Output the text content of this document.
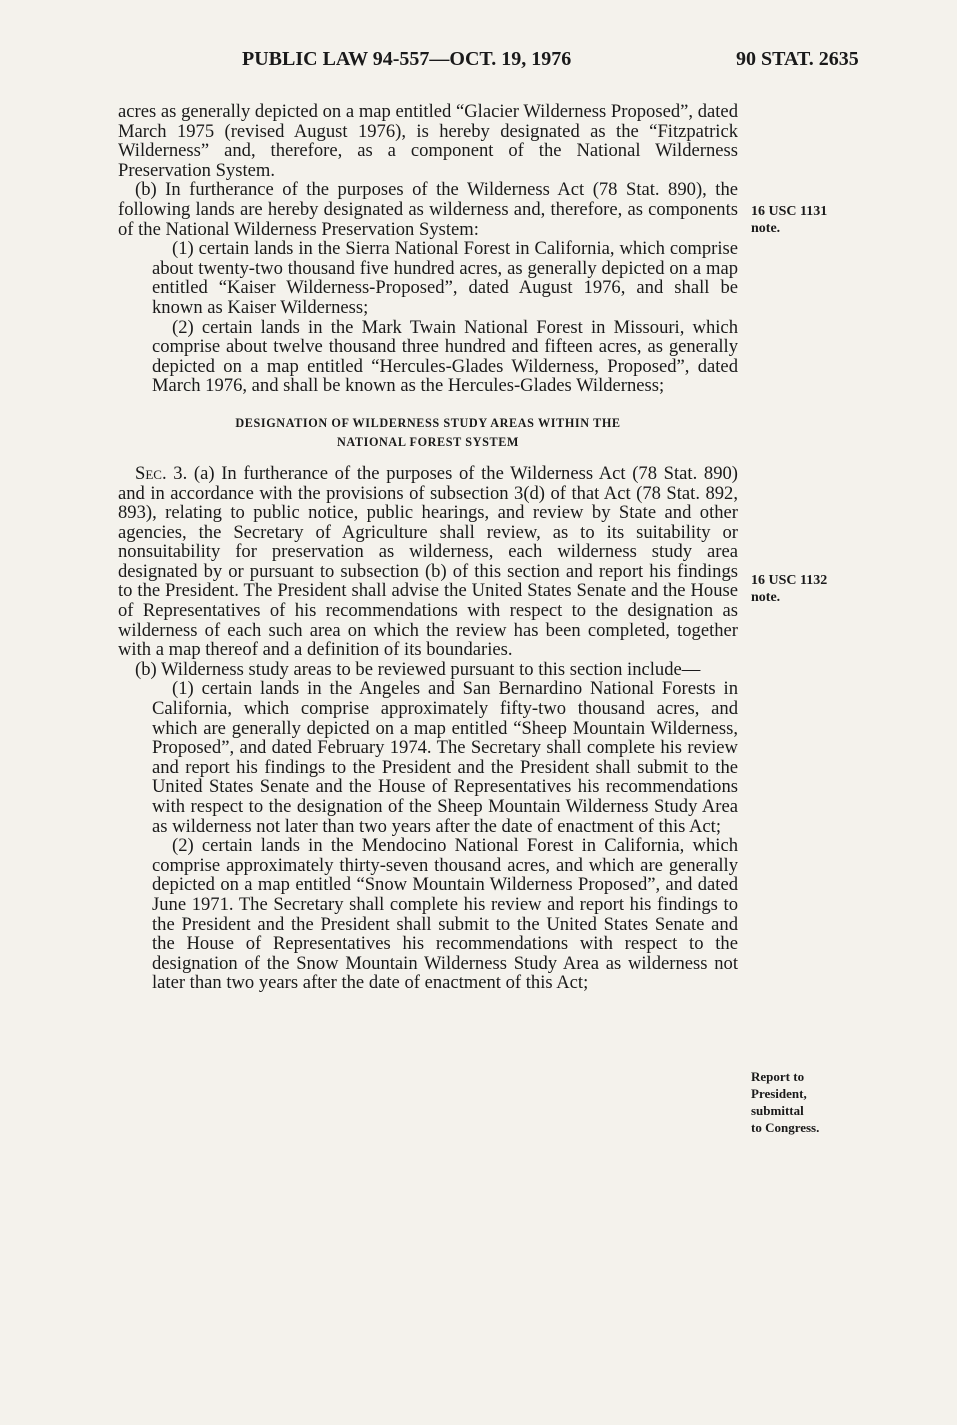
PUBLIC LAW 94-557—OCT. 19, 1976	90 STAT. 2635

acres as generally depicted on a map entitled “Glacier Wilderness Proposed”, dated March 1975 (revised August 1976), is hereby designated as the “Fitzpatrick Wilderness” and, therefore, as a component of the National Wilderness Preservation System.

(b) In furtherance of the purposes of the Wilderness Act (78 Stat. 890), the following lands are hereby designated as wilderness and, therefore, as components of the National Wilderness Preservation System:

(1) certain lands in the Sierra National Forest in California, which comprise about twenty-two thousand five hundred acres, as generally depicted on a map entitled “Kaiser Wilderness-Proposed”, dated August 1976, and shall be known as Kaiser Wilderness;

(2) certain lands in the Mark Twain National Forest in Missouri, which comprise about twelve thousand three hundred and fifteen acres, as generally depicted on a map entitled “Hercules-Glades Wilderness, Proposed”, dated March 1976, and shall be known as the Hercules-Glades Wilderness;

DESIGNATION OF WILDERNESS STUDY AREAS WITHIN THE
NATIONAL FOREST SYSTEM

Sec. 3. (a) In furtherance of the purposes of the Wilderness Act (78 Stat. 890) and in accordance with the provisions of subsection 3(d) of that Act (78 Stat. 892, 893), relating to public notice, public hearings, and review by State and other agencies, the Secretary of Agriculture shall review, as to its suitability or nonsuitability for preservation as wilderness, each wilderness study area designated by or pursuant to subsection (b) of this section and report his findings to the President. The President shall advise the United States Senate and the House of Representatives of his recommendations with respect to the designation as wilderness of each such area on which the review has been completed, together with a map thereof and a definition of its boundaries.

(b) Wilderness study areas to be reviewed pursuant to this section include—

(1) certain lands in the Angeles and San Bernardino National Forests in California, which comprise approximately fifty-two thousand acres, and which are generally depicted on a map entitled “Sheep Mountain Wilderness, Proposed”, and dated February 1974. The Secretary shall complete his review and report his findings to the President and the President shall submit to the United States Senate and the House of Representatives his recommendations with respect to the designation of the Sheep Mountain Wilderness Study Area as wilderness not later than two years after the date of enactment of this Act;

(2) certain lands in the Mendocino National Forest in California, which comprise approximately thirty-seven thousand acres, and which are generally depicted on a map entitled “Snow Mountain Wilderness Proposed”, and dated June 1971. The Secretary shall complete his review and report his findings to the President and the President shall submit to the United States Senate and the House of Representatives his recommendations with respect to the designation of the Snow Mountain Wilderness Study Area as wilderness not later than two years after the date of enactment of this Act;

16 USC 1131
note.
16 USC 1132
note.
Report to
President,
submittal
to Congress.
